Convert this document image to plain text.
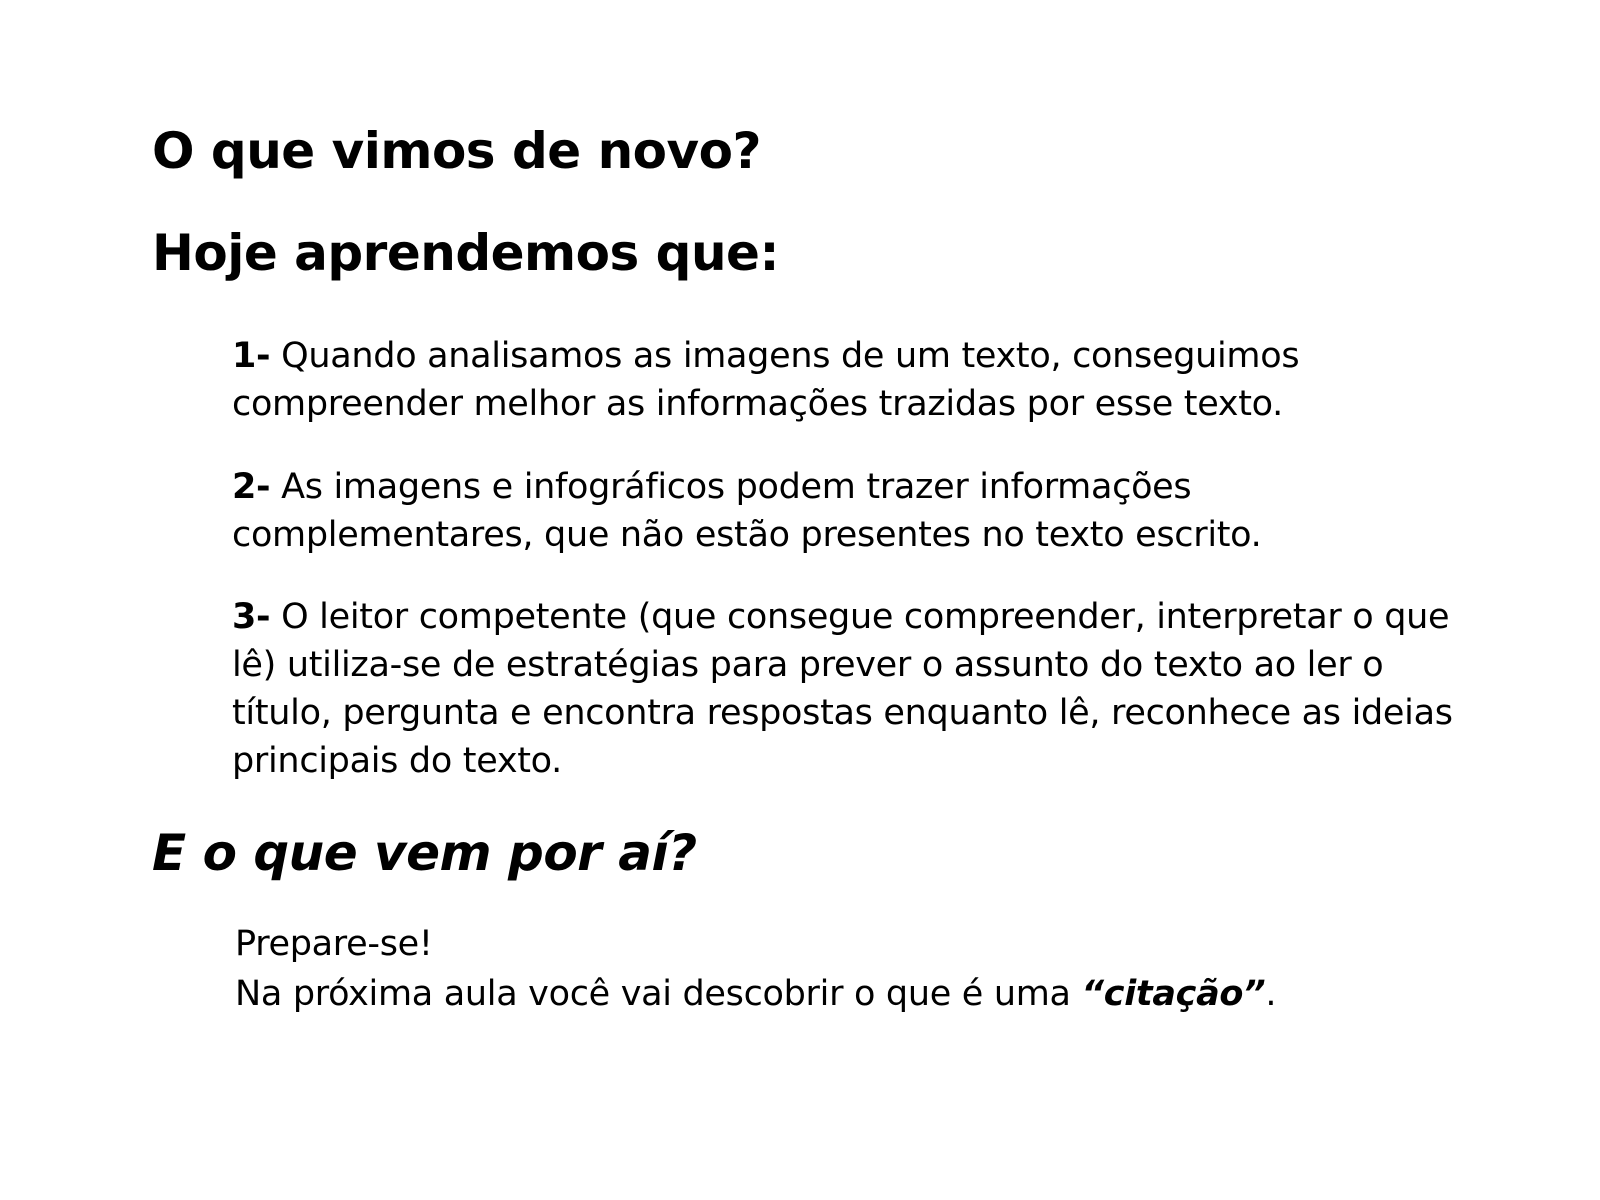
O que vimos de novo?
Hoje aprendemos que:

1- Quando analisamos as imagens de um texto, conseguimos compreender melhor as informações trazidas por esse texto.

2- As imagens e infográficos podem trazer informações complementares, que não estão presentes no texto escrito.

3- O leitor competente (que consegue compreender, interpretar o que lê) utiliza-se de estratégias para prever o assunto do texto ao ler o título, pergunta e encontra respostas enquanto lê, reconhece as ideias principais do texto.

E o que vem por aí?

Prepare-se!
Na próxima aula você vai descobrir o que é uma “citação”.
